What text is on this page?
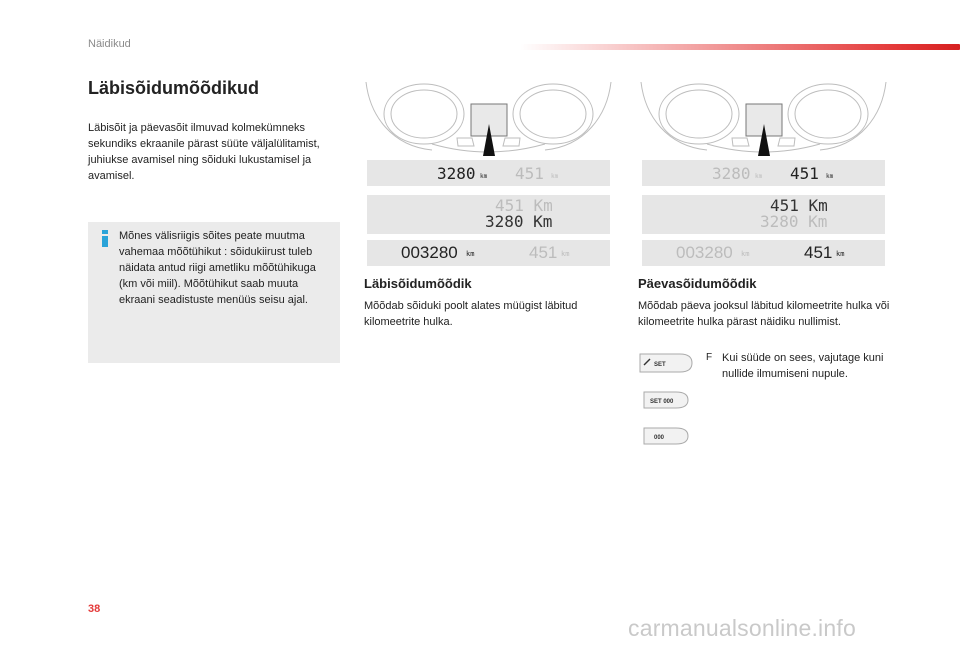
Näidikud
Läbisõidumõõdikud
Läbisõit ja päevasõit ilmuvad kolmekümneks sekundiks ekraanile pärast süüte väljalülitamist, juhiukse avamisel ning sõiduki lukustamisel ja avamisel.
Mõnes välisriigis sõites peate muutma vahemaa mõõtühikut : sõidukiirust tuleb näidata antud riigi ametliku mõõtühikuga (km või miil). Mõõtühikut saab muuta ekraani seadistuste menüüs seisu ajal.
3280 km 451 km
451 Km
3280 Km
003280 km	451 km
Läbisõidumõõdik
Mõõdab sõiduki poolt alates müügist läbitud kilomeetrite hulka.
3280 km 451 km
451 Km
3280 Km
003280 km	451 km
Päevasõidumõõdik
Mõõdab päeva jooksul läbitud kilomeetrite hulka või kilomeetrite hulka pärast näidiku nullimist.
SET
SET 000
000
F Kui süüde on sees, vajutage kuni nullide ilmumiseni nupule.
38
carmanualsonline.info
